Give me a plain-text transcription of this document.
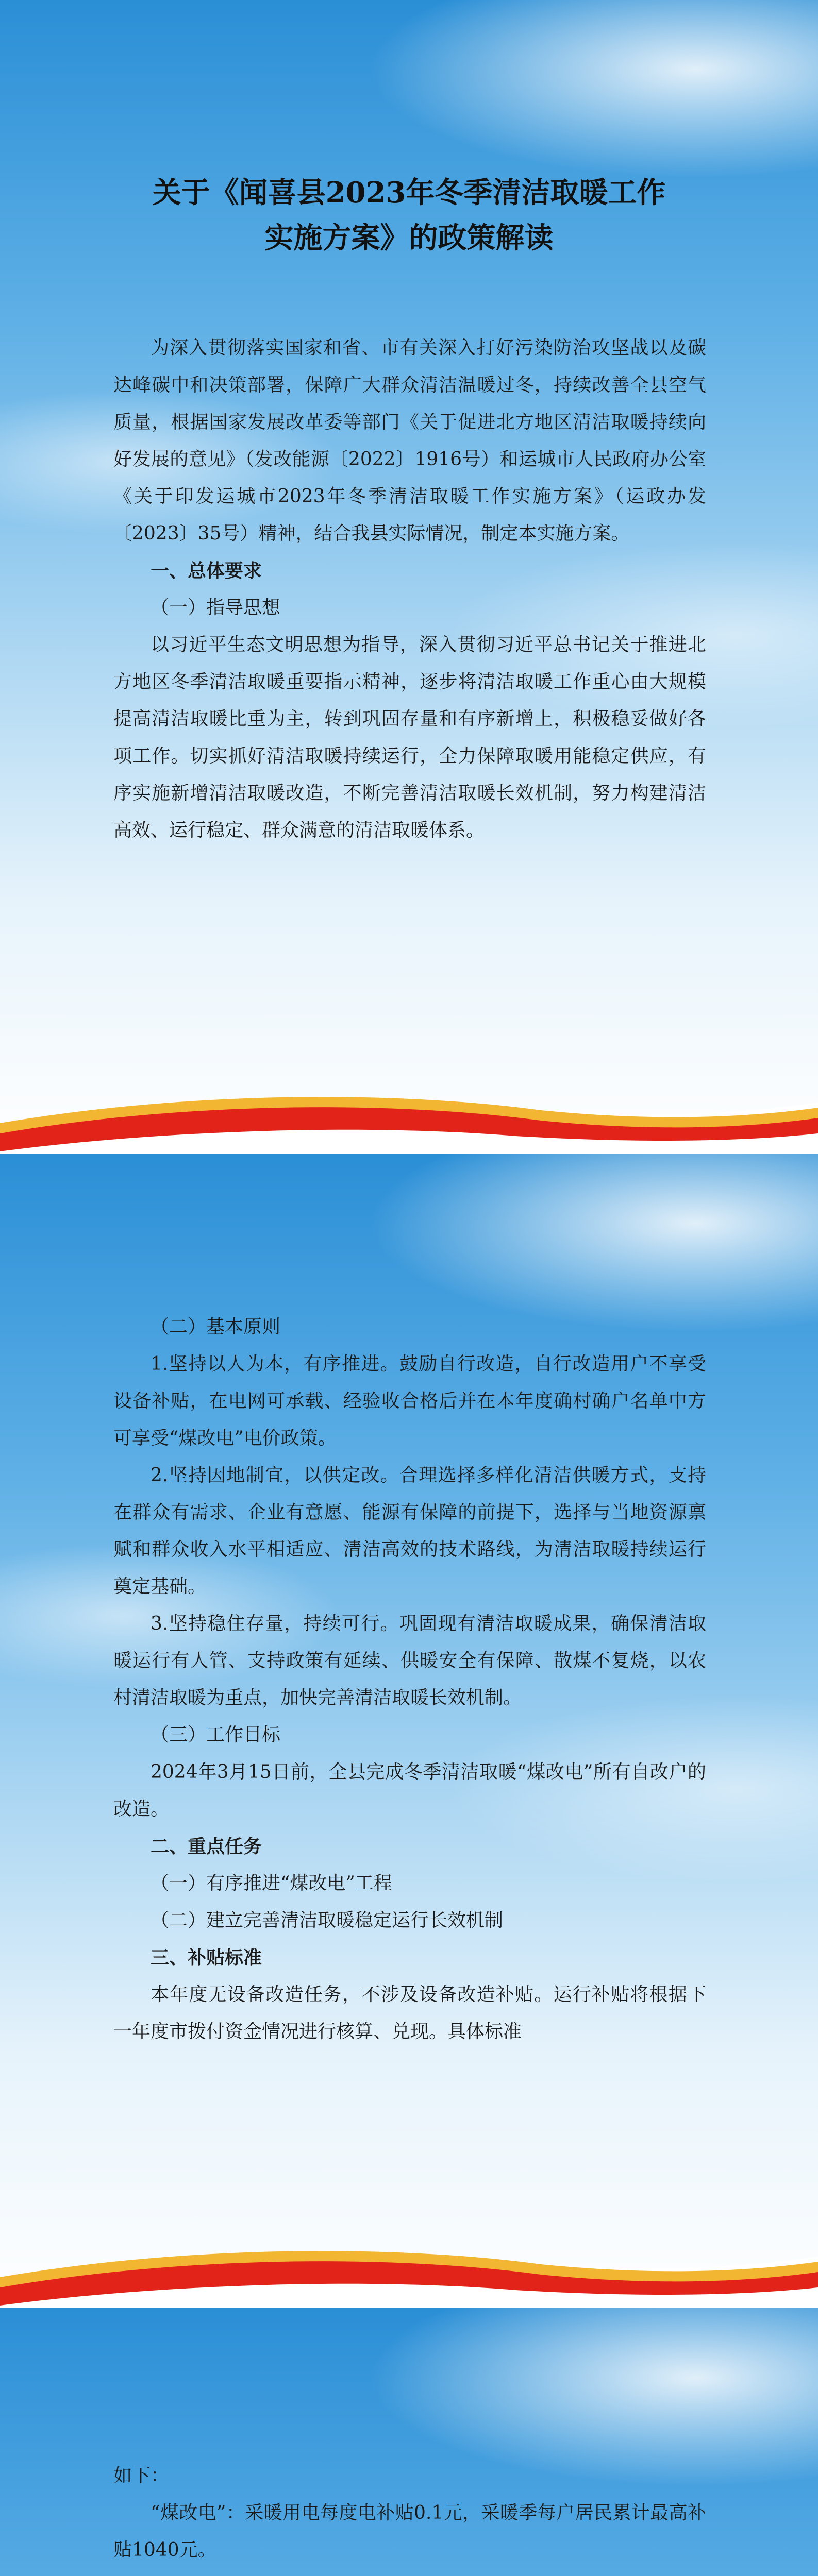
关于《闻喜县2023年冬季清洁取暖工作
实施方案》的政策解读

为深入贯彻落实国家和省、市有关深入打好污染防治攻坚战以及碳达峰碳中和决策部署，保障广大群众清洁温暖过冬，持续改善全县空气质量，根据国家发展改革委等部门《关于促进北方地区清洁取暖持续向好发展的意见》（发改能源〔2022〕1916号）和运城市人民政府办公室《关于印发运城市2023年冬季清洁取暖工作实施方案》（运政办发〔2023〕35号）精神，结合我县实际情况，制定本实施方案。

一、总体要求

（一）指导思想

以习近平生态文明思想为指导，深入贯彻习近平总书记关于推进北方地区冬季清洁取暖重要指示精神，逐步将清洁取暖工作重心由大规模提高清洁取暖比重为主，转到巩固存量和有序新增上，积极稳妥做好各项工作。切实抓好清洁取暖持续运行，全力保障取暖用能稳定供应，有序实施新增清洁取暖改造，不断完善清洁取暖长效机制，努力构建清洁高效、运行稳定、群众满意的清洁取暖体系。

（二）基本原则

1.坚持以人为本，有序推进。鼓励自行改造，自行改造用户不享受设备补贴，在电网可承载、经验收合格后并在本年度确村确户名单中方可享受“煤改电”电价政策。

2.坚持因地制宜，以供定改。合理选择多样化清洁供暖方式，支持在群众有需求、企业有意愿、能源有保障的前提下，选择与当地资源禀赋和群众收入水平相适应、清洁高效的技术路线，为清洁取暖持续运行奠定基础。

3.坚持稳住存量，持续可行。巩固现有清洁取暖成果，确保清洁取暖运行有人管、支持政策有延续、供暖安全有保障、散煤不复烧，以农村清洁取暖为重点，加快完善清洁取暖长效机制。

（三）工作目标

2024年3月15日前，全县完成冬季清洁取暖“煤改电”所有自改户的改造。

二、重点任务

（一）有序推进“煤改电”工程

（二）建立完善清洁取暖稳定运行长效机制

三、补贴标准

本年度无设备改造任务，不涉及设备改造补贴。运行补贴将根据下一年度市拨付资金情况进行核算、兑现。具体标准

如下：

“煤改电”：采暖用电每度电补贴0.1元，采暖季每户居民累计最高补贴1040元。
